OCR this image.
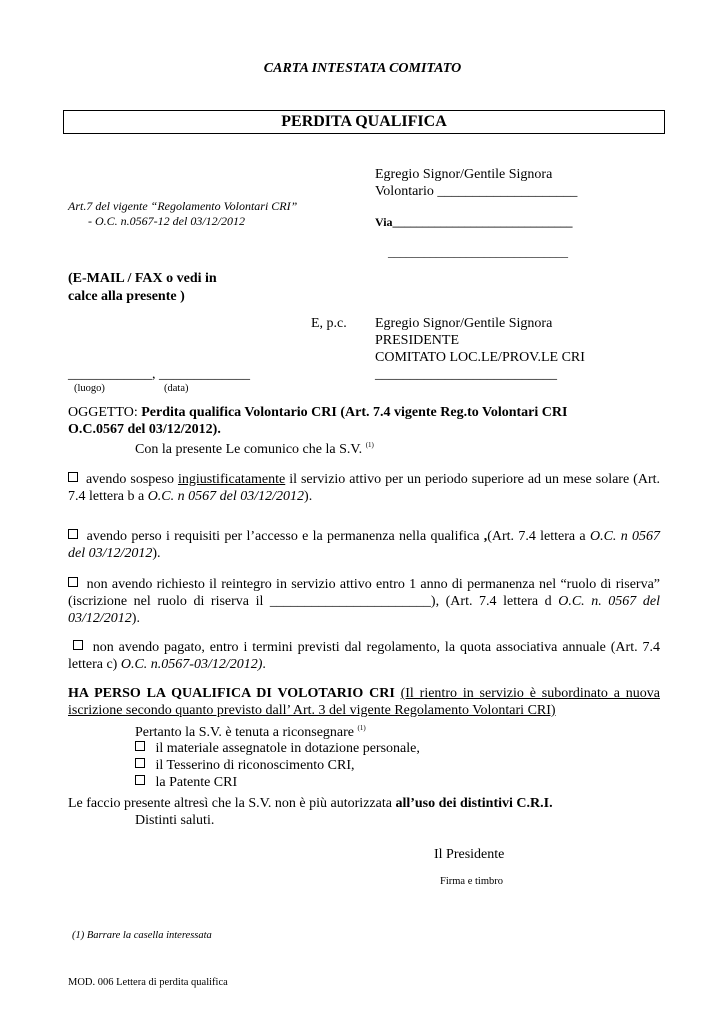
CARTA INTESTATA COMITATO
PERDITA QUALIFICA
Egregio Signor/Gentile Signora
Volontario ____________________
Via______________________________
______________________________
Art.7 del vigente “Regolamento Volontari CRI”
- O.C. n.0567-12 del 03/12/2012
(E-MAIL / FAX o vedi in
calce alla presente )
E, p.c. Egregio Signor/Gentile Signora
PRESIDENTE
COMITATO LOC.LE/PROV.LE CRI
__________________________
____________, _____________
(luogo)	(data)
OGGETTO: Perdita qualifica Volontario CRI (Art. 7.4 vigente Reg.to Volontari CRI
O.C.0567 del 03/12/2012).
Con la presente Le comunico che la S.V. $^{(1)}$
avendo sospeso ingiustificatamente il servizio attivo per un periodo superiore ad un mese solare (Art. 7.4 lettera b a O.C. n 0567 del 03/12/2012).
avendo perso i requisiti per l’accesso e la permanenza nella qualifica ,(Art. 7.4 lettera a O.C. n 0567 del 03/12/2012).
non avendo richiesto il reintegro in servizio attivo entro 1 anno di permanenza nel “ruolo di riserva” (iscrizione nel ruolo di riserva il _______________________), (Art. 7.4 lettera d O.C. n. 0567 del 03/12/2012).
non avendo pagato, entro i termini previsti dal regolamento, la quota associativa annuale (Art. 7.4 lettera c) O.C. n.0567-03/12/2012).
HA PERSO LA QUALIFICA DI VOLOTARIO CRI (Il rientro in servizio è subordinato a nuova iscrizione secondo quanto previsto dall’ Art. 3 del vigente Regolamento Volontari CRI)
Pertanto la S.V. è tenuta a riconsegnare $^{(1)}$
il materiale assegnatole in dotazione personale,
il Tesserino di riconoscimento CRI,
la Patente CRI
Le faccio presente altresì che la S.V. non è più autorizzata all’uso dei distintivi C.R.I.
Distinti saluti.
Il Presidente
Firma e timbro
(1) Barrare la casella interessata
MOD. 006 Lettera di perdita qualifica
